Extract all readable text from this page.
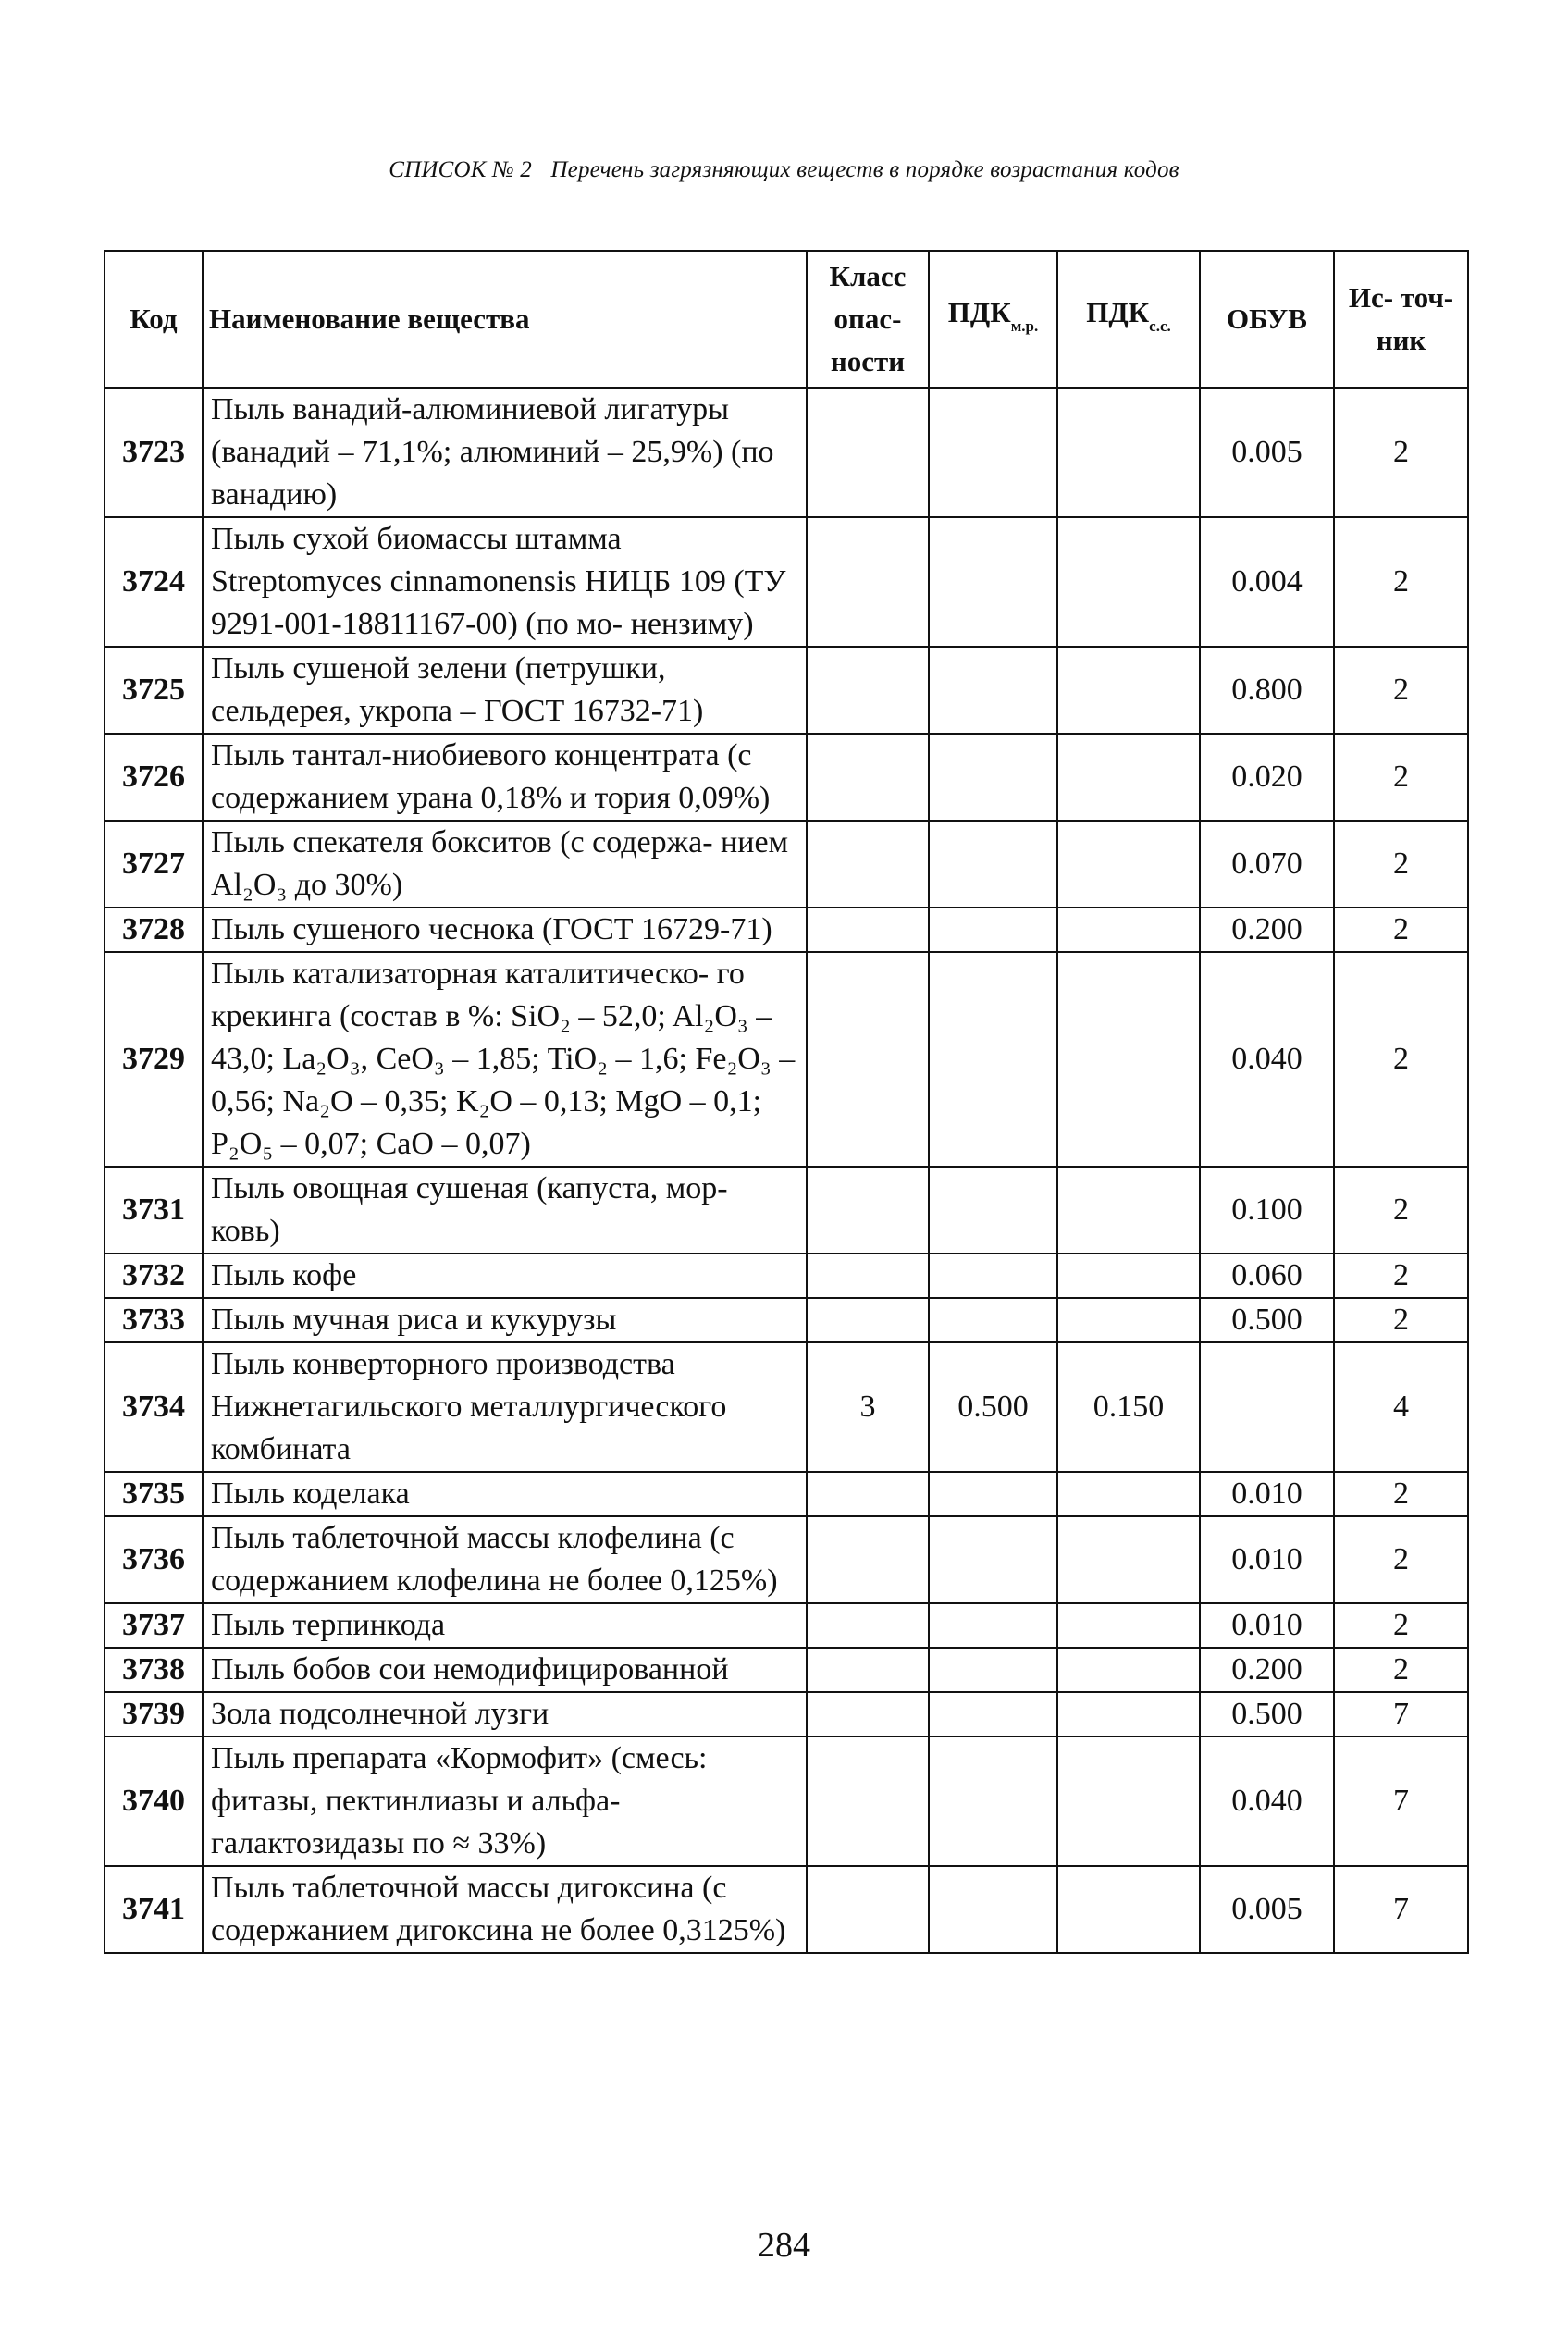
СПИСОК № 2 Перечень загрязняющих веществ в порядке возрастания кодов
Код	Наименование вещества	Класс опас- ности	$ПДК_{м.р.}$	$ПДК_{с.с.}$	ОБУВ	Ис- точ- ник
3723	Пыль ванадий-алюминиевой лигатуры (ванадий – 71,1%; алюминий – 25,9%) (по ванадию)				0.005	2
3724	Пыль сухой биомассы штамма Streptomyces cinnamonensis НИЦБ 109 (ТУ 9291-001-18811167-00) (по мо- нензиму)				0.004	2
3725	Пыль сушеной зелени (петрушки, сельдерея, укропа – ГОСТ 16732-71)				0.800	2
3726	Пыль тантал-ниобиевого концентрата (с содержанием урана 0,18% и тория 0,09%)				0.020	2
3727	Пыль спекателя бокситов (с содержа- нием Al₂O₃ до 30%)				0.070	2
3728	Пыль сушеного чеснока (ГОСТ 16729-71)				0.200	2
3729	Пыль катализаторная каталитическо- го крекинга (состав в %: SiO₂ – 52,0; Al₂O₃ – 43,0; La₂O₃, CeO₃ – 1,85; TiO₂ – 1,6; Fe₂O₃ – 0,56; Na₂O – 0,35; K₂O – 0,13; MgO – 0,1; P₂O₅ – 0,07; CaO – 0,07)				0.040	2
3731	Пыль овощная сушеная (капуста, мор- ковь)				0.100	2
3732	Пыль кофе				0.060	2
3733	Пыль мучная риса и кукурузы				0.500	2
3734	Пыль конверторного производства Нижнетагильского металлургического комбината	3	0.500	0.150		4
3735	Пыль коделака				0.010	2
3736	Пыль таблеточной массы клофелина (с содержанием клофелина не более 0,125%)				0.010	2
3737	Пыль терпинкода				0.010	2
3738	Пыль бобов сои немодифицированной				0.200	2
3739	Зола подсолнечной лузги				0.500	7
3740	Пыль препарата «Кормофит» (смесь: фитазы, пектинлиазы и альфа- галактозидазы по ≈ 33%)				0.040	7
3741	Пыль таблеточной массы дигоксина (с содержанием дигоксина не более 0,3125%)				0.005	7
284
